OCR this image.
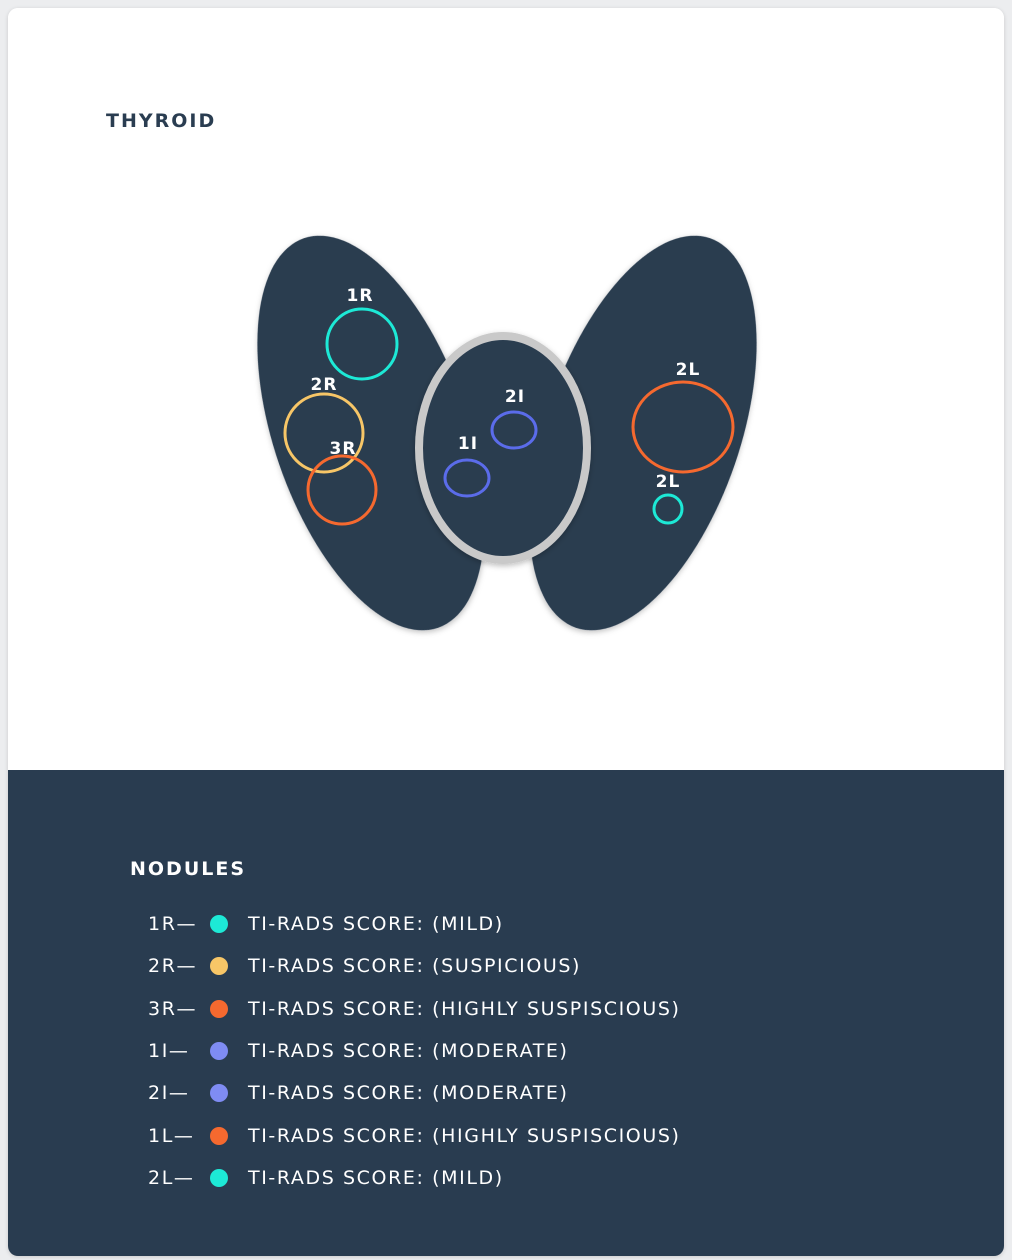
THYROID
1R
2R
3R	1I
2I
2L
2L
NODULES
1R—	TI-RADS SCORE: (MILD)
2R—	TI-RADS SCORE: (SUSPICIOUS)
3R—	TI-RADS SCORE: (HIGHLY SUSPISCIOUS)
1I—	TI-RADS SCORE: (MODERATE)
2I—	TI-RADS SCORE: (MODERATE)
1L—	TI-RADS SCORE: (HIGHLY SUSPISCIOUS)
2L—	TI-RADS SCORE: (MILD)
